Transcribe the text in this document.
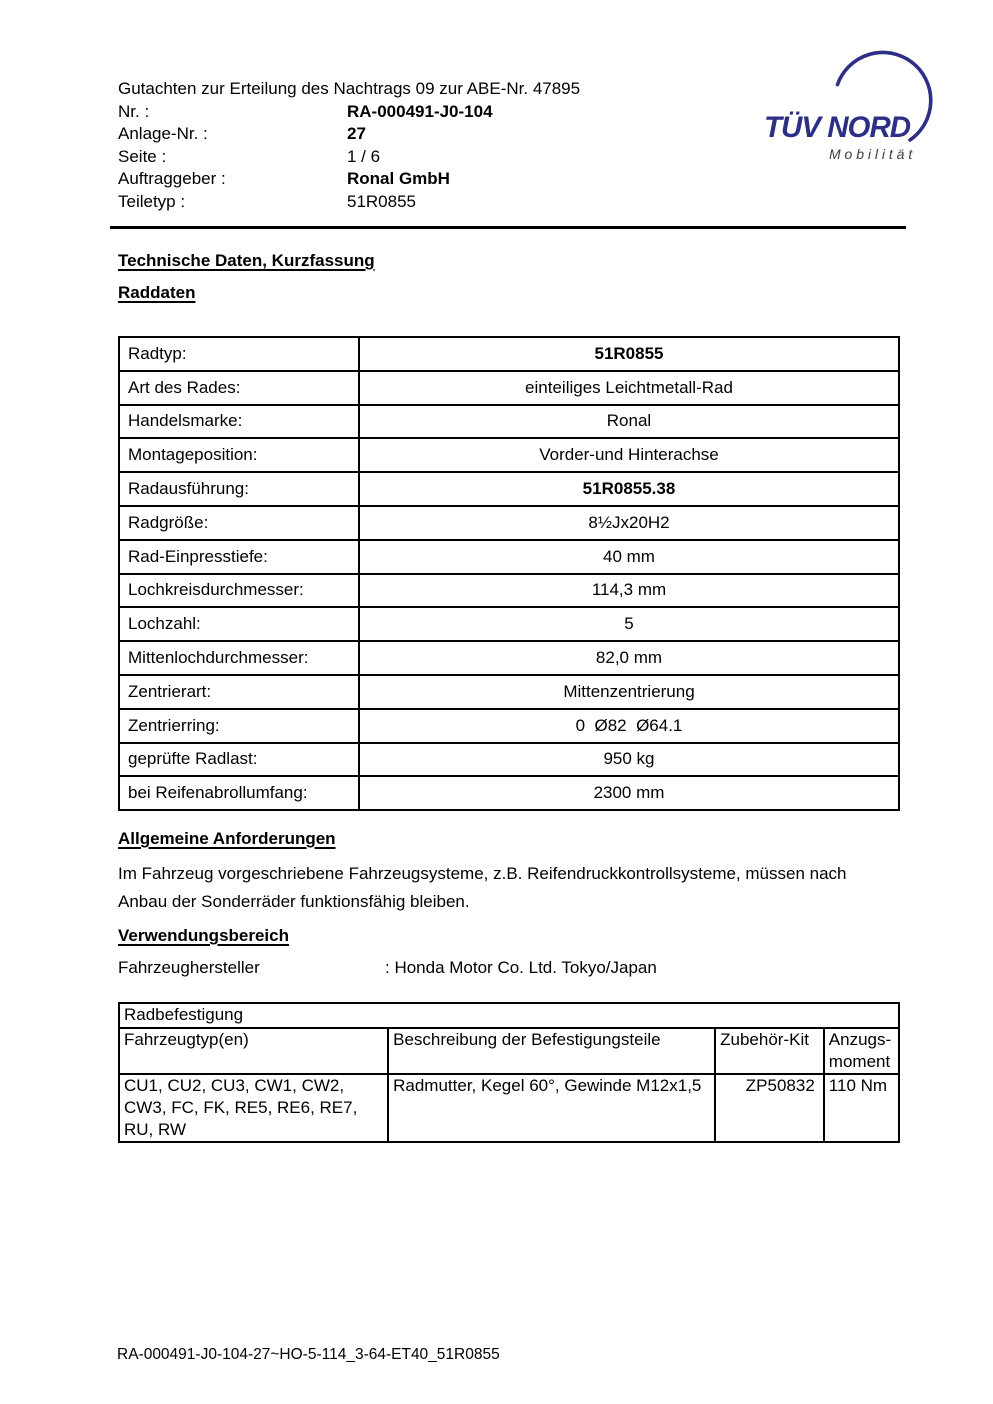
Gutachten zur Erteilung des Nachtrags 09 zur ABE-Nr. 47895
Nr. :	RA-000491-J0-104
Anlage-Nr. :	27
Seite :	1 / 6
Auftraggeber :	Ronal GmbH
Teiletyp :	51R0855
TÜV NORD
M o b i l i t ä t
Technische Daten, Kurzfassung
Raddaten
Radtyp:	51R0855
Art des Rades:	einteiliges Leichtmetall-Rad
Handelsmarke:	Ronal
Montageposition:	Vorder-und Hinterachse
Radausführung:	51R0855.38
Radgröße:	8½Jx20H2
Rad-Einpresstiefe:	40 mm
Lochkreisdurchmesser:	114,3 mm
Lochzahl:	5
Mittenlochdurchmesser:	82,0 mm
Zentrierart:	Mittenzentrierung
Zentrierring:	0  Ø82  Ø64.1
geprüfte Radlast:	950 kg
bei Reifenabrollumfang:	2300 mm
Allgemeine Anforderungen
Im Fahrzeug vorgeschriebene Fahrzeugsysteme, z.B. Reifendruckkontrollsysteme, müssen nach Anbau der Sonderräder funktionsfähig bleiben.
Verwendungsbereich
Fahrzeughersteller	: Honda Motor Co. Ltd. Tokyo/Japan
Radbefestigung			
Fahrzeugtyp(en)	Beschreibung der Befestigungsteile	Zubehör-Kit	Anzugs-moment
CU1, CU2, CU3, CW1, CW2, CW3, FC, FK, RE5, RE6, RE7, RU, RW	Radmutter, Kegel 60°, Gewinde M12x1,5	ZP50832	110 Nm
RA-000491-J0-104-27~HO-5-114_3-64-ET40_51R0855
